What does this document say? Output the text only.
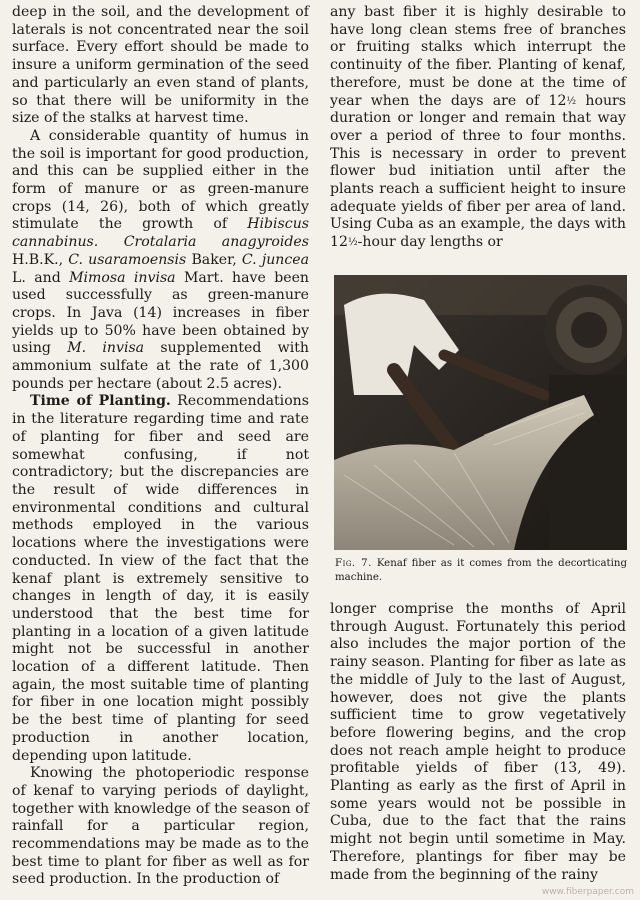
deep in the soil, and the development of laterals is not concentrated near the soil surface. Every effort should be made to insure a uniform germination of the seed and particularly an even stand of plants, so that there will be uniformity in the size of the stalks at harvest time.

A considerable quantity of humus in the soil is important for good production, and this can be supplied either in the form of manure or as green-manure crops (14, 26), both of which greatly stimulate the growth of Hibiscus cannabinus. Crotalaria anagyroides H.B.K., C. usaramoensis Baker, C. juncea L. and Mimosa invisa Mart. have been used successfully as green-manure crops. In Java (14) increases in fiber yields up to 50% have been obtained by using M. invisa supplemented with ammonium sulfate at the rate of 1,300 pounds per hectare (about 2.5 acres).

Time of Planting. Recommendations in the literature regarding time and rate of planting for fiber and seed are somewhat confusing, if not contradictory; but the discrepancies are the result of wide differences in environmental conditions and cultural methods employed in the various locations where the investigations were conducted. In view of the fact that the kenaf plant is extremely sensitive to changes in length of day, it is easily understood that the best time for planting in a location of a given latitude might not be successful in another location of a different latitude. Then again, the most suitable time of planting for fiber in one location might possibly be the best time of planting for seed production in another location, depending upon latitude.

Knowing the photoperiodic response of kenaf to varying periods of daylight, together with knowledge of the season of rainfall for a particular region, recommendations may be made as to the best time to plant for fiber as well as for seed production. In the production of

any bast fiber it is highly desirable to have long clean stems free of branches or fruiting stalks which interrupt the continuity of the fiber. Planting of kenaf, therefore, must be done at the time of year when the days are of 12½ hours duration or longer and remain that way over a period of three to four months. This is necessary in order to prevent flower bud initiation until after the plants reach a sufficient height to insure adequate yields of fiber per area of land. Using Cuba as an example, the days with 12½-hour day lengths or

Fig. 7. Kenaf fiber as it comes from the decorticating machine.

longer comprise the months of April through August. Fortunately this period also includes the major portion of the rainy season. Planting for fiber as late as the middle of July to the last of August, however, does not give the plants sufficient time to grow vegetatively before flowering begins, and the crop does not reach ample height to produce profitable yields of fiber (13, 49). Planting as early as the first of April in some years would not be possible in Cuba, due to the fact that the rains might not begin until sometime in May. Therefore, plantings for fiber may be made from the beginning of the rainy

www.fiberpaper.com
